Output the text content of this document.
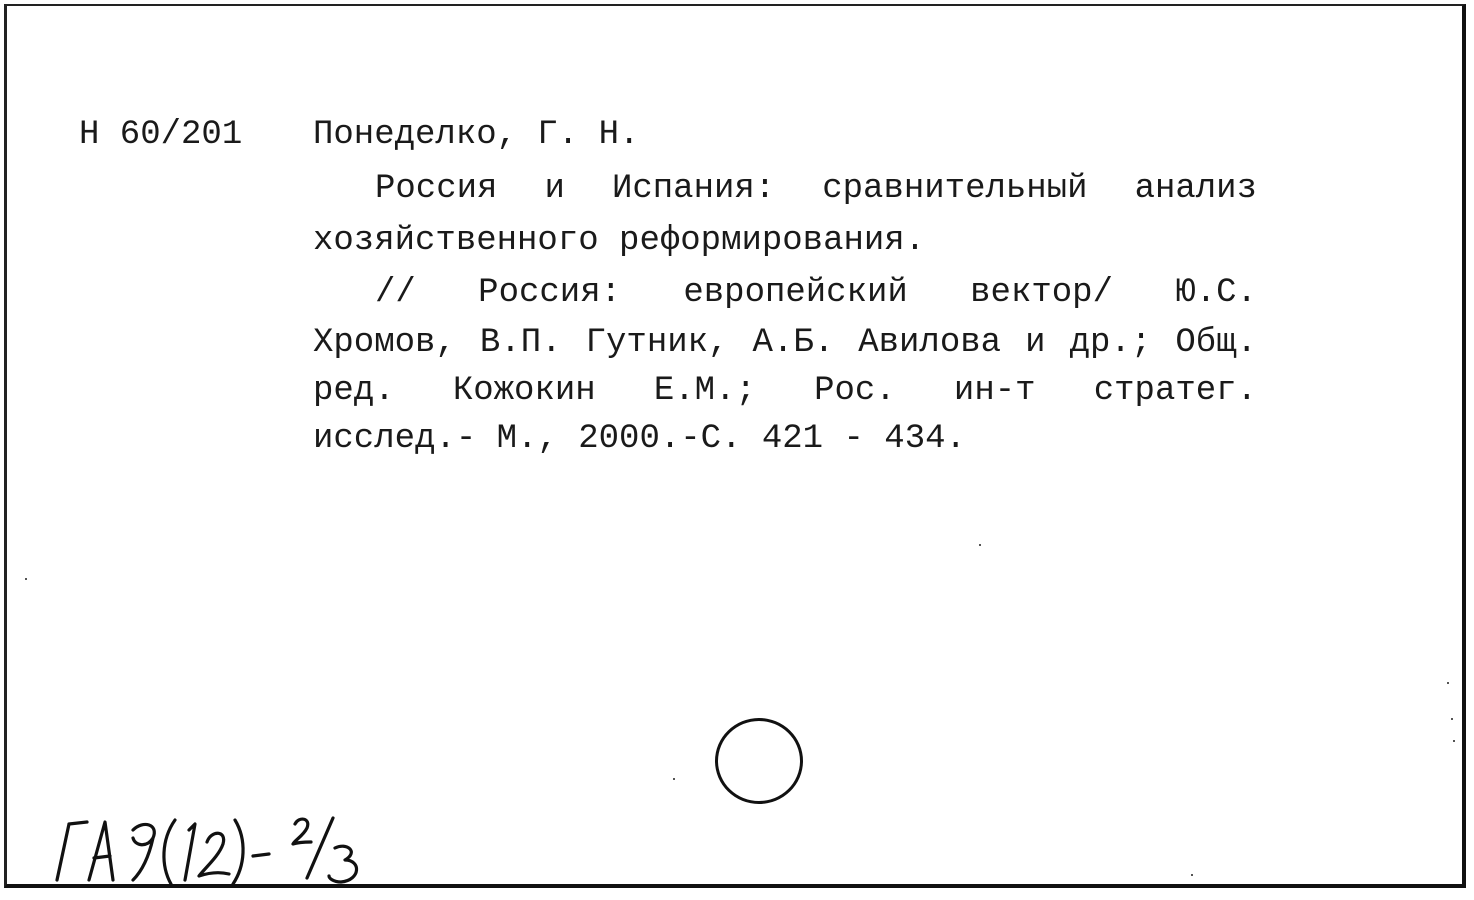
Н 60/201 Понеделко, Г. Н.
Россия и Испания: сравнительный анализ
хозяйственного реформирования.
// Россия: европейский вектор/ Ю.С.
Хромов, В.П. Гутник, А.Б. Авилова и др.; Общ.
ред. Кожокин Е.М.; Рос. ин-т стратег.
исслед.- М., 2000.-С. 421 - 434.
